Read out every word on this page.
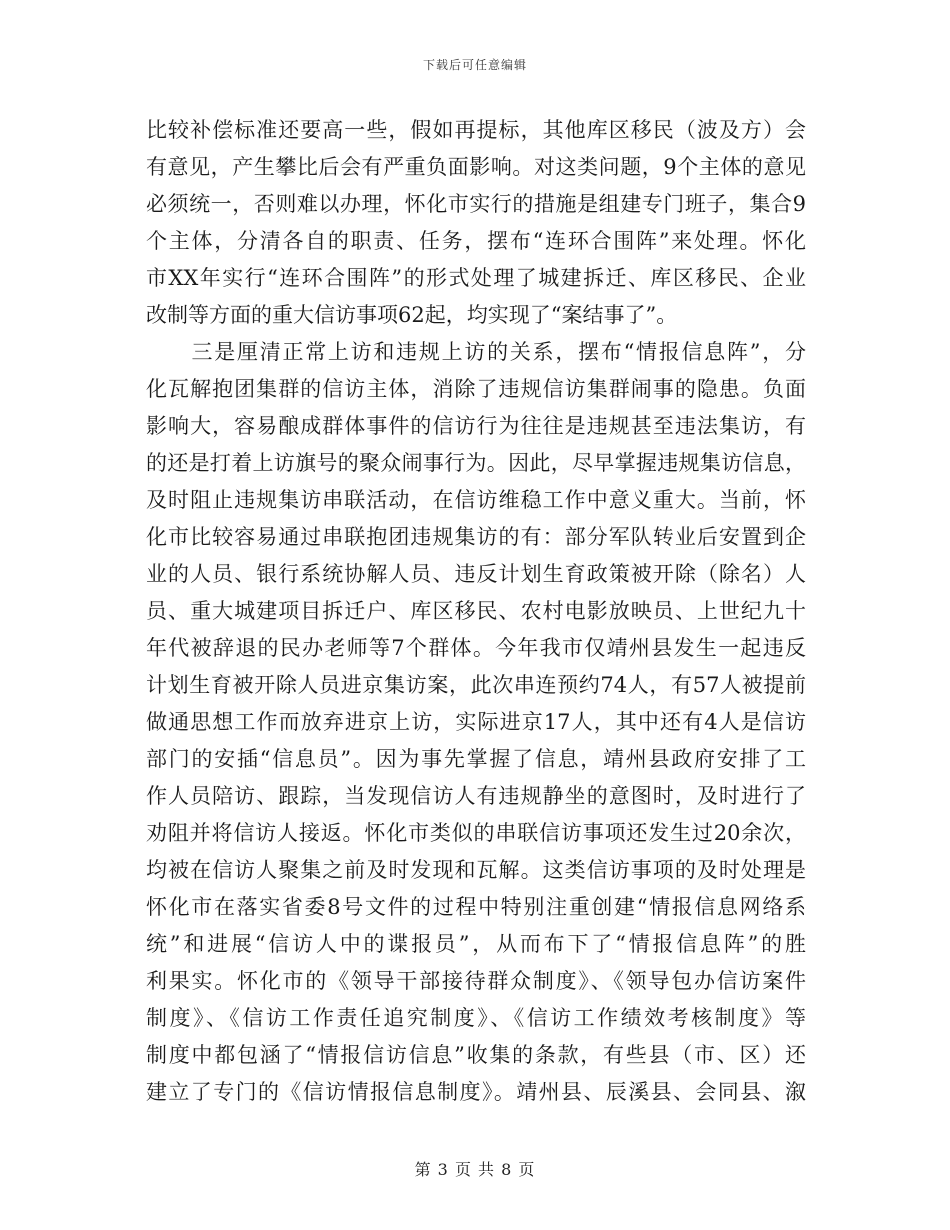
下载后可任意编辑
比较补偿标准还要高一些，假如再提标，其他库区移民（波及方）会
有意见，产生攀比后会有严重负面影响。对这类问题，9个主体的意见
必须统一，否则难以办理，怀化市实行的措施是组建专门班子，集合9
个主体，分清各自的职责、任务，摆布“连环合围阵”来处理。怀化
市XX年实行“连环合围阵”的形式处理了城建拆迁、库区移民、企业
改制等方面的重大信访事项62起，均实现了“案结事了”。
　　三是厘清正常上访和违规上访的关系，摆布“情报信息阵”，分
化瓦解抱团集群的信访主体，消除了违规信访集群闹事的隐患。负面
影响大，容易酿成群体事件的信访行为往往是违规甚至违法集访，有
的还是打着上访旗号的聚众闹事行为。因此，尽早掌握违规集访信息，
及时阻止违规集访串联活动，在信访维稳工作中意义重大。当前，怀
化市比较容易通过串联抱团违规集访的有：部分军队转业后安置到企
业的人员、银行系统协解人员、违反计划生育政策被开除（除名）人
员、重大城建项目拆迁户、库区移民、农村电影放映员、上世纪九十
年代被辞退的民办老师等7个群体。今年我市仅靖州县发生一起违反
计划生育被开除人员进京集访案，此次串连预约74人，有57人被提前
做通思想工作而放弃进京上访，实际进京17人，其中还有4人是信访
部门的安插“信息员”。因为事先掌握了信息，靖州县政府安排了工
作人员陪访、跟踪，当发现信访人有违规静坐的意图时，及时进行了
劝阻并将信访人接返。怀化市类似的串联信访事项还发生过20余次，
均被在信访人聚集之前及时发现和瓦解。这类信访事项的及时处理是
怀化市在落实省委8号文件的过程中特别注重创建“情报信息网络系
统”和进展“信访人中的谍报员”，从而布下了“情报信息阵”的胜
利果实。怀化市的《领导干部接待群众制度》、《领导包办信访案件
制度》、《信访工作责任追究制度》、《信访工作绩效考核制度》等
制度中都包涵了“情报信访信息”收集的条款，有些县（市、区）还
建立了专门的《信访情报信息制度》。靖州县、辰溪县、会同县、溆
第 3 页 共 8 页
